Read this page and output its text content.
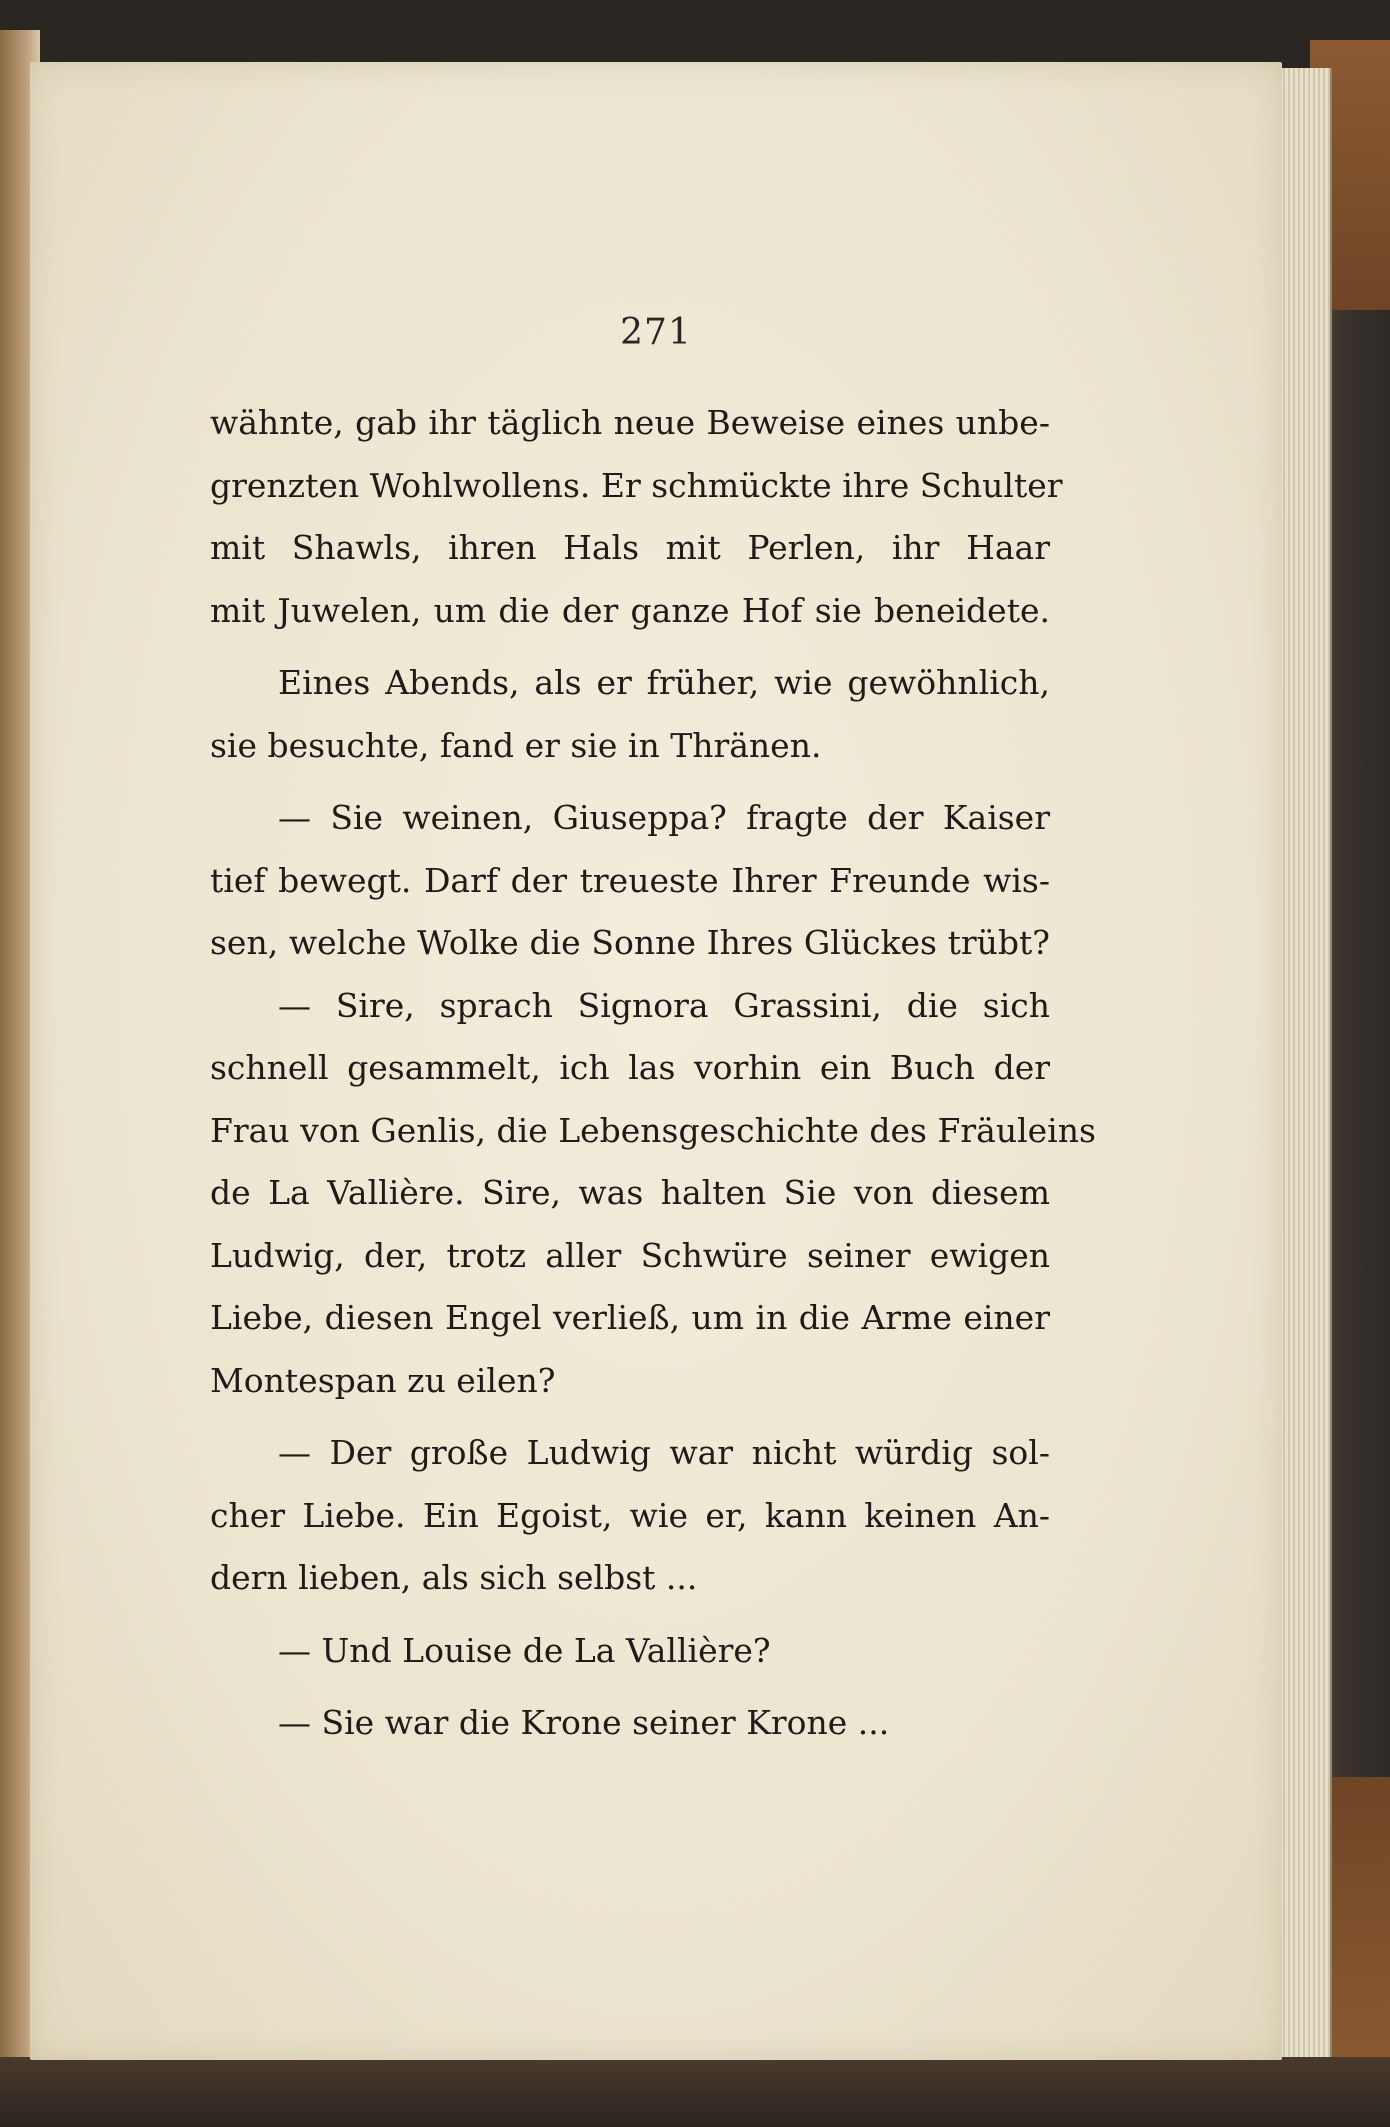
271
wähnte, gab ihr täglich neue Beweise eines unbe-
grenzten Wohlwollens. Er schmückte ihre Schulter
mit Shawls, ihren Hals mit Perlen, ihr Haar
mit Juwelen, um die der ganze Hof sie beneidete.
Eines Abends, als er früher, wie gewöhnlich,
sie besuchte, fand er sie in Thränen.
— Sie weinen, Giuseppa? fragte der Kaiser
tief bewegt. Darf der treueste Ihrer Freunde wis-
sen, welche Wolke die Sonne Ihres Glückes trübt?
— Sire, sprach Signora Grassini, die sich
schnell gesammelt, ich las vorhin ein Buch der
Frau von Genlis, die Lebensgeschichte des Fräuleins
de La Vallière. Sire, was halten Sie von diesem
Ludwig, der, trotz aller Schwüre seiner ewigen
Liebe, diesen Engel verließ, um in die Arme einer
Montespan zu eilen?
— Der große Ludwig war nicht würdig sol-
cher Liebe. Ein Egoist, wie er, kann keinen An-
dern lieben, als sich selbst ...
— Und Louise de La Vallière?
— Sie war die Krone seiner Krone ...
